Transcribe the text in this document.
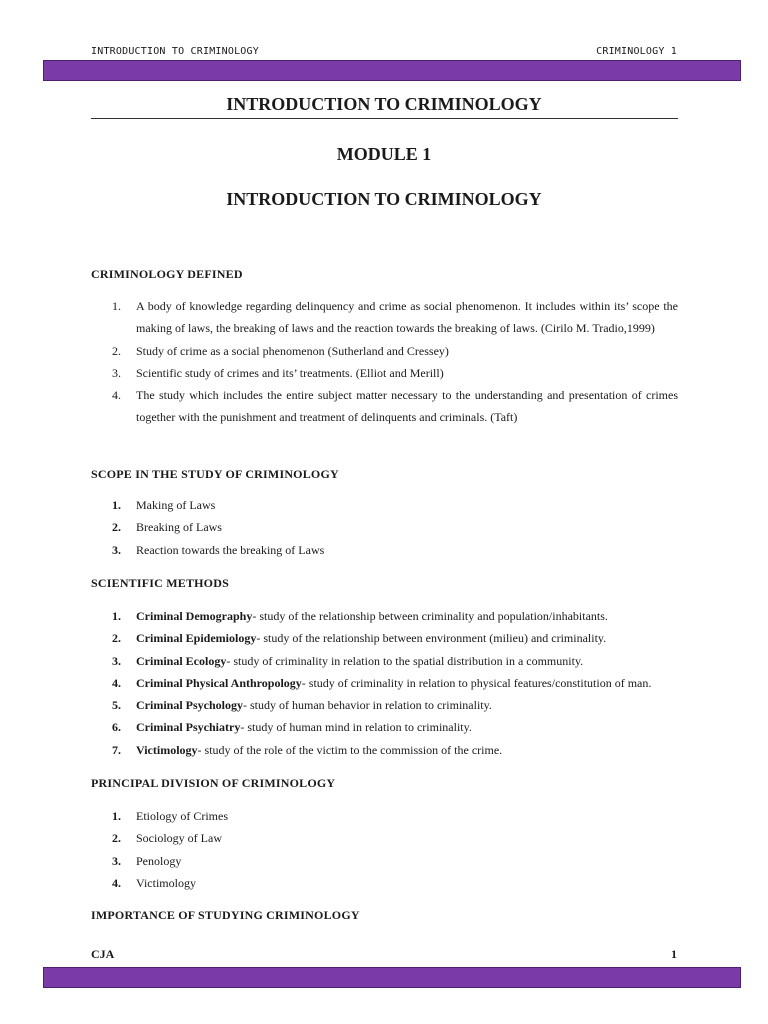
INTRODUCTION TO CRIMINOLOGY	CRIMINOLOGY 1
INTRODUCTION TO CRIMINOLOGY
MODULE 1
INTRODUCTION TO CRIMINOLOGY
CRIMINOLOGY DEFINED
1. A body of knowledge regarding delinquency and crime as social phenomenon. It includes within its’ scope the making of laws, the breaking of laws and the reaction towards the breaking of laws. (Cirilo M. Tradio,1999)
2. Study of crime as a social phenomenon (Sutherland and Cressey)
3. Scientific study of crimes and its’ treatments. (Elliot and Merill)
4. The study which includes the entire subject matter necessary to the understanding and presentation of crimes together with the punishment and treatment of delinquents and criminals. (Taft)
SCOPE IN THE STUDY OF CRIMINOLOGY
1. Making of Laws
2. Breaking of Laws
3. Reaction towards the breaking of Laws
SCIENTIFIC METHODS
1. Criminal Demography- study of the relationship between criminality and population/inhabitants.
2. Criminal Epidemiology- study of the relationship between environment (milieu) and criminality.
3. Criminal Ecology- study of criminality in relation to the spatial distribution in a community.
4. Criminal Physical Anthropology- study of criminality in relation to physical features/constitution of man.
5. Criminal Psychology- study of human behavior in relation to criminality.
6. Criminal Psychiatry- study of human mind in relation to criminality.
7. Victimology- study of the role of the victim to the commission of the crime.
PRINCIPAL DIVISION OF CRIMINOLOGY
1. Etiology of Crimes
2. Sociology of Law
3. Penology
4. Victimology
IMPORTANCE OF STUDYING CRIMINOLOGY
CJA	1
